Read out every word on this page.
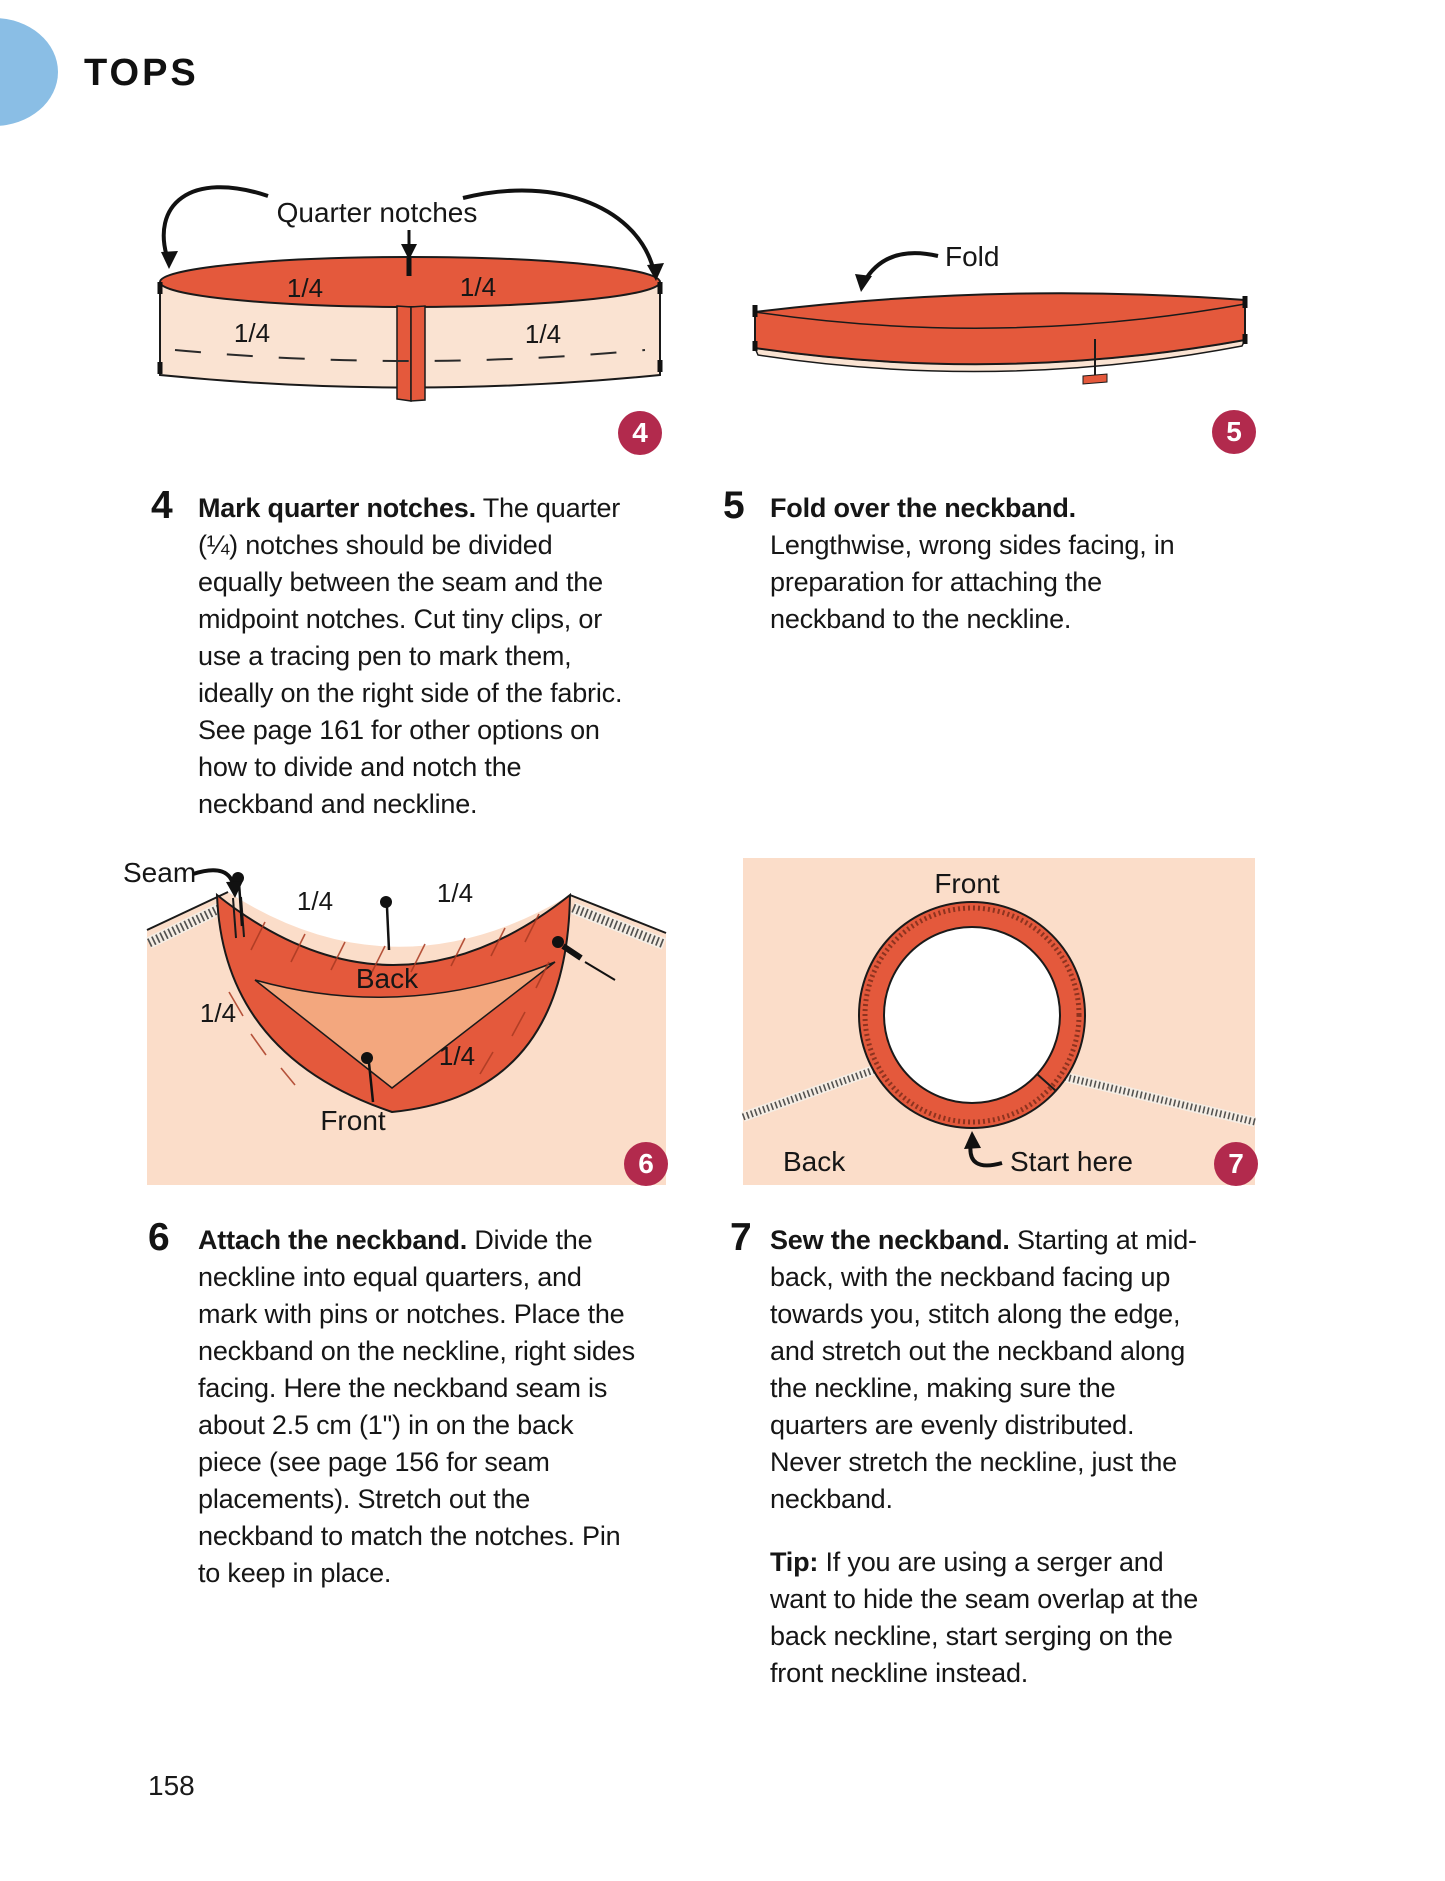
TOPS
Quarter notches
1/4	1/4
1/4	1/4
4
Fold
5
4 Mark quarter notches. The quarter (¼) notches should be divided equally between the seam and the midpoint notches. Cut tiny clips, or use a tracing pen to mark them, ideally on the right side of the fabric. See page 161 for other options on how to divide and notch the neckband and neckline.
5 Fold over the neckband. Lengthwise, wrong sides facing, in preparation for attaching the neckband to the neckline.
Seam
1/4	1/4
1/4
1/4
Back
Front
6
Front
Back	Start here	7
6 Attach the neckband. Divide the neckline into equal quarters, and mark with pins or notches. Place the neckband on the neckline, right sides facing. Here the neckband seam is about 2.5 cm (1") in on the back piece (see page 156 for seam placements). Stretch out the neckband to match the notches. Pin to keep in place.
7 Sew the neckband. Starting at mid-back, with the neckband facing up towards you, stitch along the edge, and stretch out the neckband along the neckline, making sure the quarters are evenly distributed. Never stretch the neckline, just the neckband.
Tip: If you are using a serger and want to hide the seam overlap at the back neckline, start serging on the front neckline instead.
158
